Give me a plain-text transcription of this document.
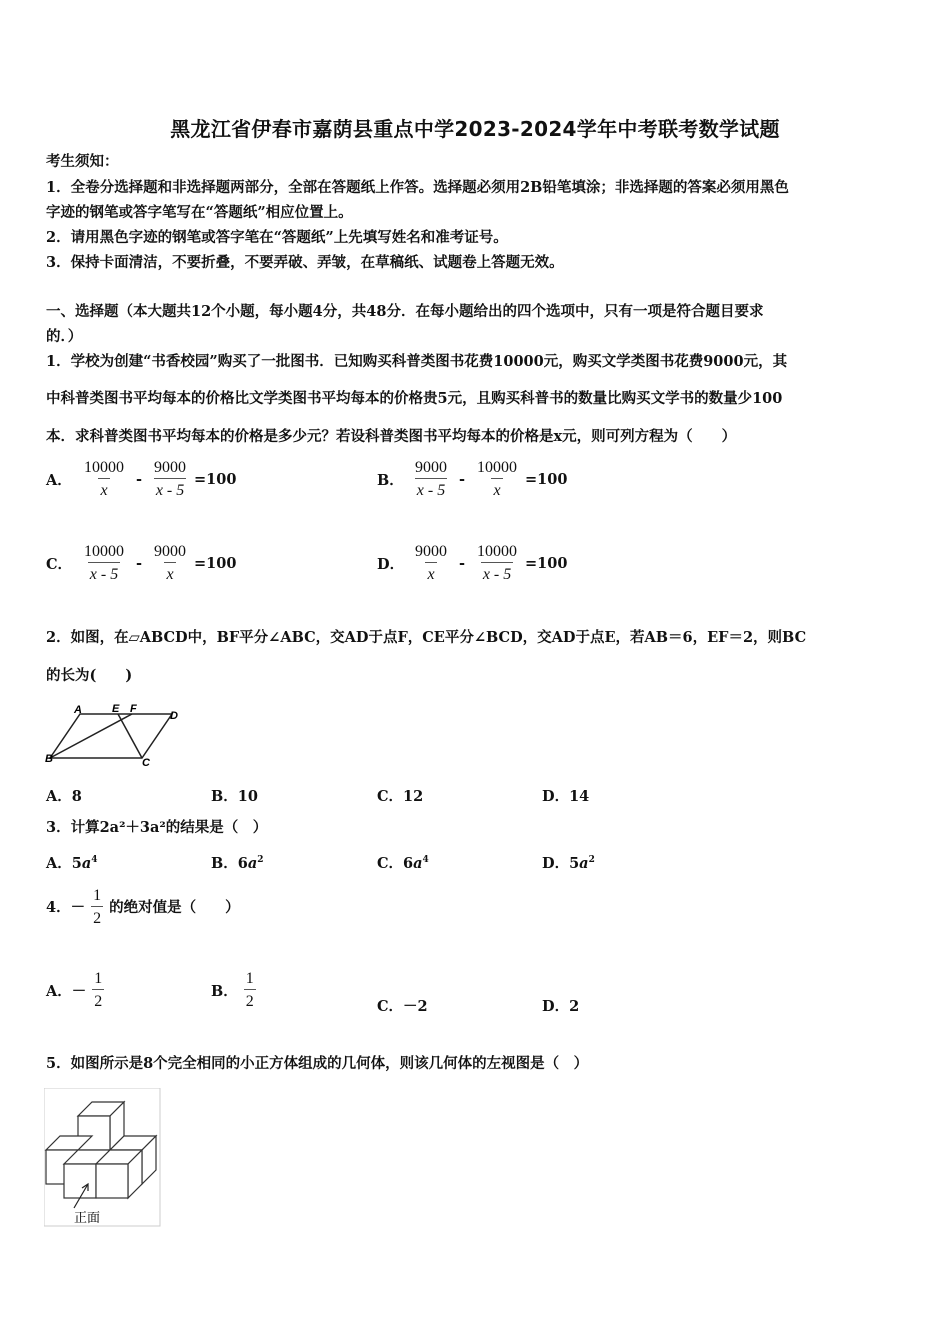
黑龙江省伊春市嘉荫县重点中学2023-2024学年中考联考数学试题
考生须知：
1．全卷分选择题和非选择题两部分，全部在答题纸上作答。选择题必须用2B铅笔填涂；非选择题的答案必须用黑色
字迹的钢笔或答字笔写在“答题纸”相应位置上。
2．请用黑色字迹的钢笔或答字笔在“答题纸”上先填写姓名和准考证号。
3．保持卡面清洁，不要折叠，不要弄破、弄皱，在草稿纸、试题卷上答题无效。
一、选择题（本大题共12个小题，每小题4分，共48分．在每小题给出的四个选项中，只有一项是符合题目要求
的．）
1．学校为创建“书香校园”购买了一批图书．已知购买科普类图书花费10000元，购买文学类图书花费9000元，其
中科普类图书平均每本的价格比文学类图书平均每本的价格贵5元，且购买科普书的数量比购买文学书的数量少100
本．求科普类图书平均每本的价格是多少元？若设科普类图书平均每本的价格是x元，则可列方程为（　　）
A． $\frac{10000}{x} - \frac{9000}{x - 5} =100$	B． $\frac{9000}{x - 5} - \frac{10000}{x} =100$
C． $\frac{10000}{x - 5} - \frac{9000}{x} =100$	D． $\frac{9000}{x} - \frac{10000}{x - 5} =100$
2．如图，在▱ABCD中，BF平分∠ABC，交AD于点F，CE平分∠BCD，交AD于点E，若AB＝6，EF＝2，则BC
的长为(　　)
A	E F
D
B	C
A．8	B．10	C．12	D．14
3．计算2a²＋3a²的结果是（　）
A．$5a^4$	B．$6a^2$	C．$6a^4$	D．$5a^2$
4．－ $\frac{1}{2}$ 的绝对值是（　　）
A．－ $\frac{1}{2}$	B． $\frac{1}{2}$	C．－2	D．2
5．如图所示是8个完全相同的小正方体组成的几何体，则该几何体的左视图是（　）
正面
